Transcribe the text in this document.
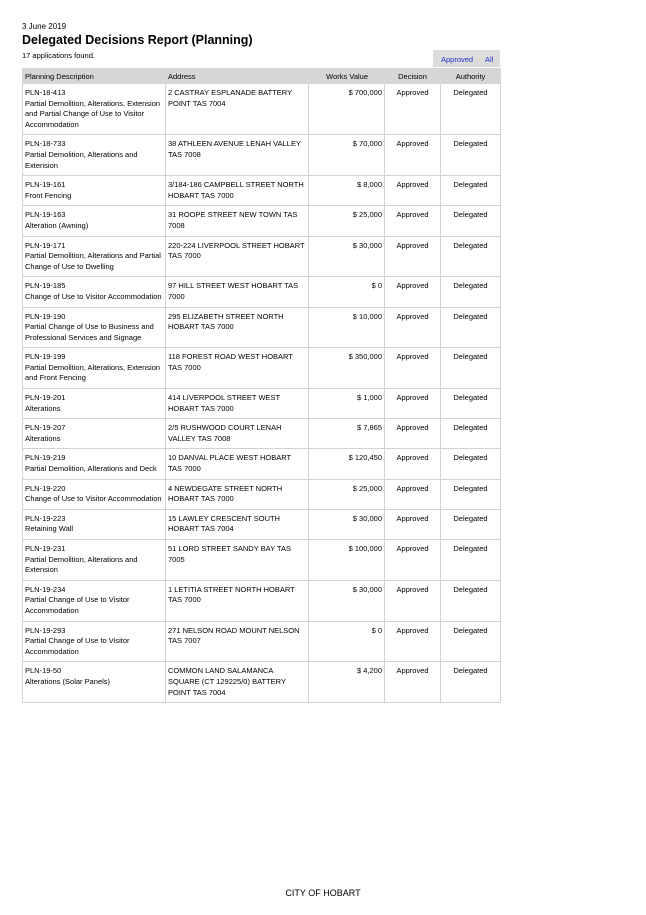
3 June 2019
Delegated Decisions Report (Planning)
17 applications found.	Approved All
Planning Description	Address	Works Value	Decision	Authority

PLN-18-413
Partial Demolition, Alterations, Extension and Partial Change of Use to Visitor Accommodation	2 CASTRAY ESPLANADE BATTERY POINT TAS 7004	$ 700,000	Approved	Delegated

PLN-18-733
Partial Demolition, Alterations and Extension	38 ATHLEEN AVENUE LENAH VALLEY TAS 7008	$ 70,000	Approved	Delegated

PLN-19-161
Front Fencing	3/184-186 CAMPBELL STREET NORTH HOBART TAS 7000	$ 8,000	Approved	Delegated

PLN-19-163
Alteration (Awning)	31 ROOPE STREET NEW TOWN TAS 7008	$ 25,000	Approved	Delegated

PLN-19-171
Partial Demolition, Alterations and Partial Change of Use to Dwelling	220-224 LIVERPOOL STREET HOBART TAS 7000	$ 30,000	Approved	Delegated

PLN-19-185
Change of Use to Visitor Accommodation	97 HILL STREET WEST HOBART TAS 7000	$ 0	Approved	Delegated

PLN-19-190
Partial Change of Use to Business and Professional Services and Signage	295 ELIZABETH STREET NORTH HOBART TAS 7000	$ 10,000	Approved	Delegated

PLN-19-199
Partial Demolition, Alterations, Extension and Front Fencing	118 FOREST ROAD WEST HOBART TAS 7000	$ 350,000	Approved	Delegated

PLN-19-201
Alterations	414 LIVERPOOL STREET WEST HOBART TAS 7000	$ 1,000	Approved	Delegated

PLN-19-207
Alterations	2/5 RUSHWOOD COURT LENAH VALLEY TAS 7008	$ 7,865	Approved	Delegated

PLN-19-219
Partial Demolition, Alterations and Deck	10 DANVAL PLACE WEST HOBART TAS 7000	$ 120,450	Approved	Delegated

PLN-19-220
Change of Use to Visitor Accommodation	4 NEWDEGATE STREET NORTH HOBART TAS 7000	$ 25,000	Approved	Delegated

PLN-19-223
Retaining Wall	15 LAWLEY CRESCENT SOUTH HOBART TAS 7004	$ 30,000	Approved	Delegated

PLN-19-231
Partial Demolition, Alterations and Extension	51 LORD STREET SANDY BAY TAS 7005	$ 100,000	Approved	Delegated

PLN-19-234
Partial Change of Use to Visitor Accommodation	1 LETITIA STREET NORTH HOBART TAS 7000	$ 30,000	Approved	Delegated

PLN-19-293
Partial Change of Use to Visitor Accommodation	271 NELSON ROAD MOUNT NELSON TAS 7007	$ 0	Approved	Delegated

PLN-19-50
Alterations (Solar Panels)	COMMON LAND SALAMANCA SQUARE (CT 129225/0) BATTERY POINT TAS 7004	$ 4,200	Approved	Delegated
CITY OF HOBART
